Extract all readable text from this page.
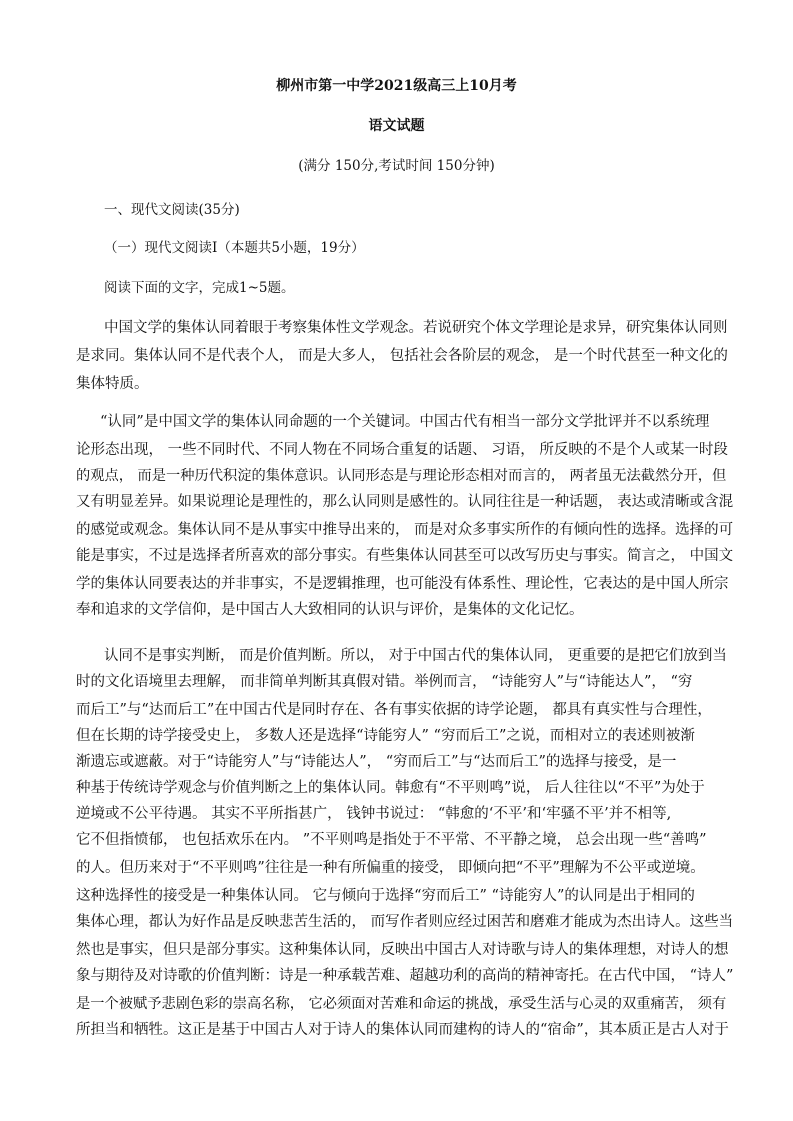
柳州市第一中学2021级高三上10月考
语文试题
(满分 150分,考试时间 150分钟)
一、现代文阅读(35分)
（一）现代文阅读Ⅰ（本题共5小题，19分）
阅读下面的文字，完成1~5题。
中国文学的集体认同着眼于考察集体性文学观念。若说研究个体文学理论是求异，研究集体认同则
是求同。集体认同不是代表个人， 而是大多人， 包括社会各阶层的观念， 是一个时代甚至一种文化的
集体特质。
“认同”是中国文学的集体认同命题的一个关键词。中国古代有相当一部分文学批评并不以系统理
论形态出现， 一些不同时代、不同人物在不同场合重复的话题、 习语， 所反映的不是个人或某一时段
的观点， 而是一种历代积淀的集体意识。认同形态是与理论形态相对而言的， 两者虽无法截然分开，但
又有明显差异。如果说理论是理性的，那么认同则是感性的。认同往往是一种话题， 表达或清晰或含混
的感觉或观念。集体认同不是从事实中推导出来的， 而是对众多事实所作的有倾向性的选择。选择的可
能是事实，不过是选择者所喜欢的部分事实。有些集体认同甚至可以改写历史与事实。简言之， 中国文
学的集体认同要表达的并非事实，不是逻辑推理，也可能没有体系性、理论性，它表达的是中国人所宗
奉和追求的文学信仰，是中国古人大致相同的认识与评价，是集体的文化记忆。
认同不是事实判断， 而是价值判断。所以， 对于中国古代的集体认同， 更重要的是把它们放到当
时的文化语境里去理解， 而非简单判断其真假对错。举例而言， “诗能穷人”与“诗能达人”， “穷
而后工”与“达而后工”在中国古代是同时存在、各有事实依据的诗学论题， 都具有真实性与合理性，
但在长期的诗学接受史上， 多数人还是选择“诗能穷人” “穷而后工”之说，而相对立的表述则被渐
渐遗忘或遮蔽。对于“诗能穷人”与“诗能达人”， “穷而后工”与“达而后工”的选择与接受，是一
种基于传统诗学观念与价值判断之上的集体认同。韩愈有“不平则鸣”说， 后人往往以“不平”为处于
逆境或不公平待遇。 其实不平所指甚广， 钱钟书说过： “韩愈的‘不平’和‘牢骚不平’并不相等,
它不但指愤郁， 也包括欢乐在内。 ”不平则鸣是指处于不平常、不平静之境， 总会出现一些“善鸣”
的人。但历来对于“不平则鸣”往往是一种有所偏重的接受， 即倾向把“不平”理解为不公平或逆境。
这种选择性的接受是一种集体认同。 它与倾向于选择“穷而后工” “诗能穷人”的认同是出于相同的
集体心理，都认为好作品是反映悲苦生活的， 而写作者则应经过困苦和磨难才能成为杰出诗人。这些当
然也是事实，但只是部分事实。这种集体认同，反映出中国古人对诗歌与诗人的集体理想，对诗人的想
象与期待及对诗歌的价值判断：诗是一种承载苦难、超越功利的高尚的精神寄托。在古代中国， “诗人”
是一个被赋予悲剧色彩的崇高名称， 它必须面对苦难和命运的挑战，承受生活与心灵的双重痛苦， 须有
所担当和牺牲。这正是基于中国古人对于诗人的集体认同而建构的诗人的“宿命”，其本质正是古人对于
